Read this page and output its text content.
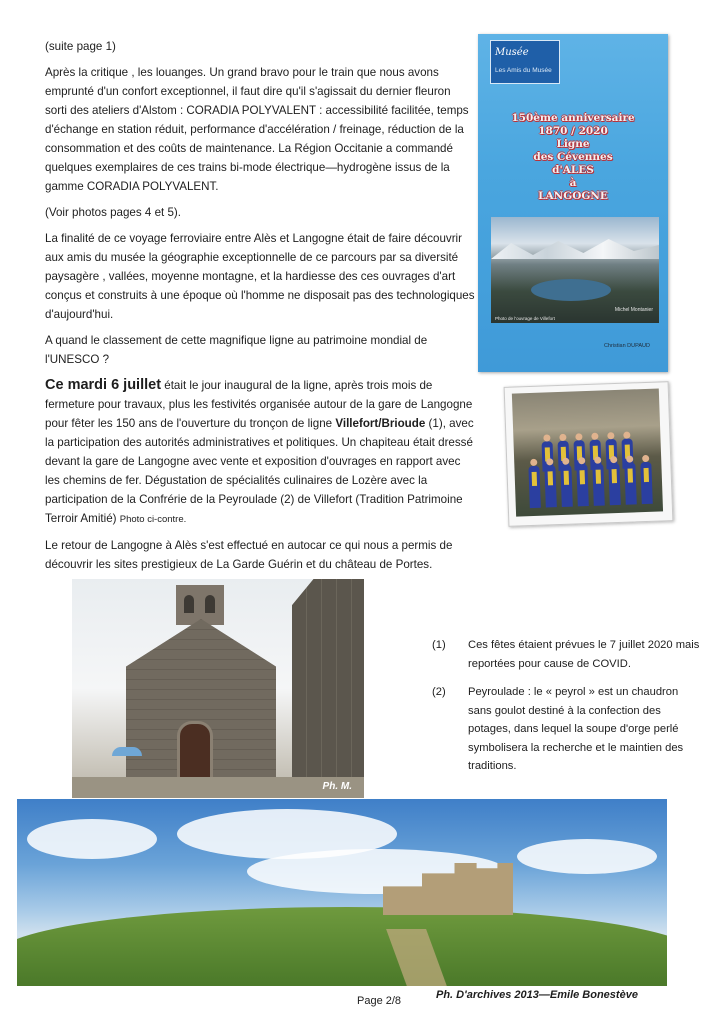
(suite page 1)

Après la critique , les louanges. Un grand bravo pour le train que nous avons emprunté d'un confort exceptionnel, il faut dire qu'il s'agissait du dernier fleuron sorti des ateliers d'Alstom : CORADIA POLYVALENT : accessibilité facilitée, temps d'échange en station réduit, performance d'accélération / freinage, réduction de la consommation et des coûts de maintenance. La Région Occitanie a commandé quelques exemplaires de ces trains bi-mode électrique—hydrogène issus de la gamme CORADIA POLYVALENT.

(Voir photos pages 4 et 5).

La finalité de ce voyage ferroviaire entre Alès et Langogne était de faire découvrir aux amis du musée la géographie exceptionnelle de ce parcours par sa diversité paysagère , vallées, moyenne montagne, et la hardiesse des ces ouvrages d'art conçus et construits à une époque où l'homme ne disposait pas des technologiques d'aujourd'hui.

A quand le classement de cette magnifique ligne au patrimoine mondial de l'UNESCO ?

Ce mardi 6 juillet était le jour inaugural de la ligne, après trois mois de fermeture pour travaux, plus les festivités organisée autour de la gare de Langogne pour fêter les 150 ans de l'ouverture du tronçon de ligne Villefort/Brioude (1), avec la participation des autorités administratives et politiques. Un chapiteau était dressé devant la gare de Langogne avec vente et exposition d'ouvrages en rapport avec les chemins de fer. Dégustation de spécialités culinaires de Lozère avec la participation de la Confrérie de la Peyroulade (2) de Villefort (Tradition Patrimoine Terroir Amitié) Photo ci-contre.

Le retour de Langogne à Alès s'est effectué en autocar ce qui nous a permis de découvrir les sites prestigieux de La Garde Guérin et du château de Portes.

Musée
Les Amis du Musée
150ème anniversaire
1870 / 2020
Ligne
des Cévennes
d'ALES
à
LANGOGNE
Michel Montanier
Photo de l'ouvrage de Villefort
Christian DUPAUD
Ph. M.
(1) Ces fêtes étaient prévues le 7 juillet 2020 mais reportées pour cause de COVID.
(2) Peyroulade : le « peyrol » est un chaudron sans goulot destiné à la confection des potages, dans lequel la soupe d'orge perlé symbolisera la recherche et le maintien des traditions.
Ph. D'archives 2013—Emile Bonestève
Page 2/8
